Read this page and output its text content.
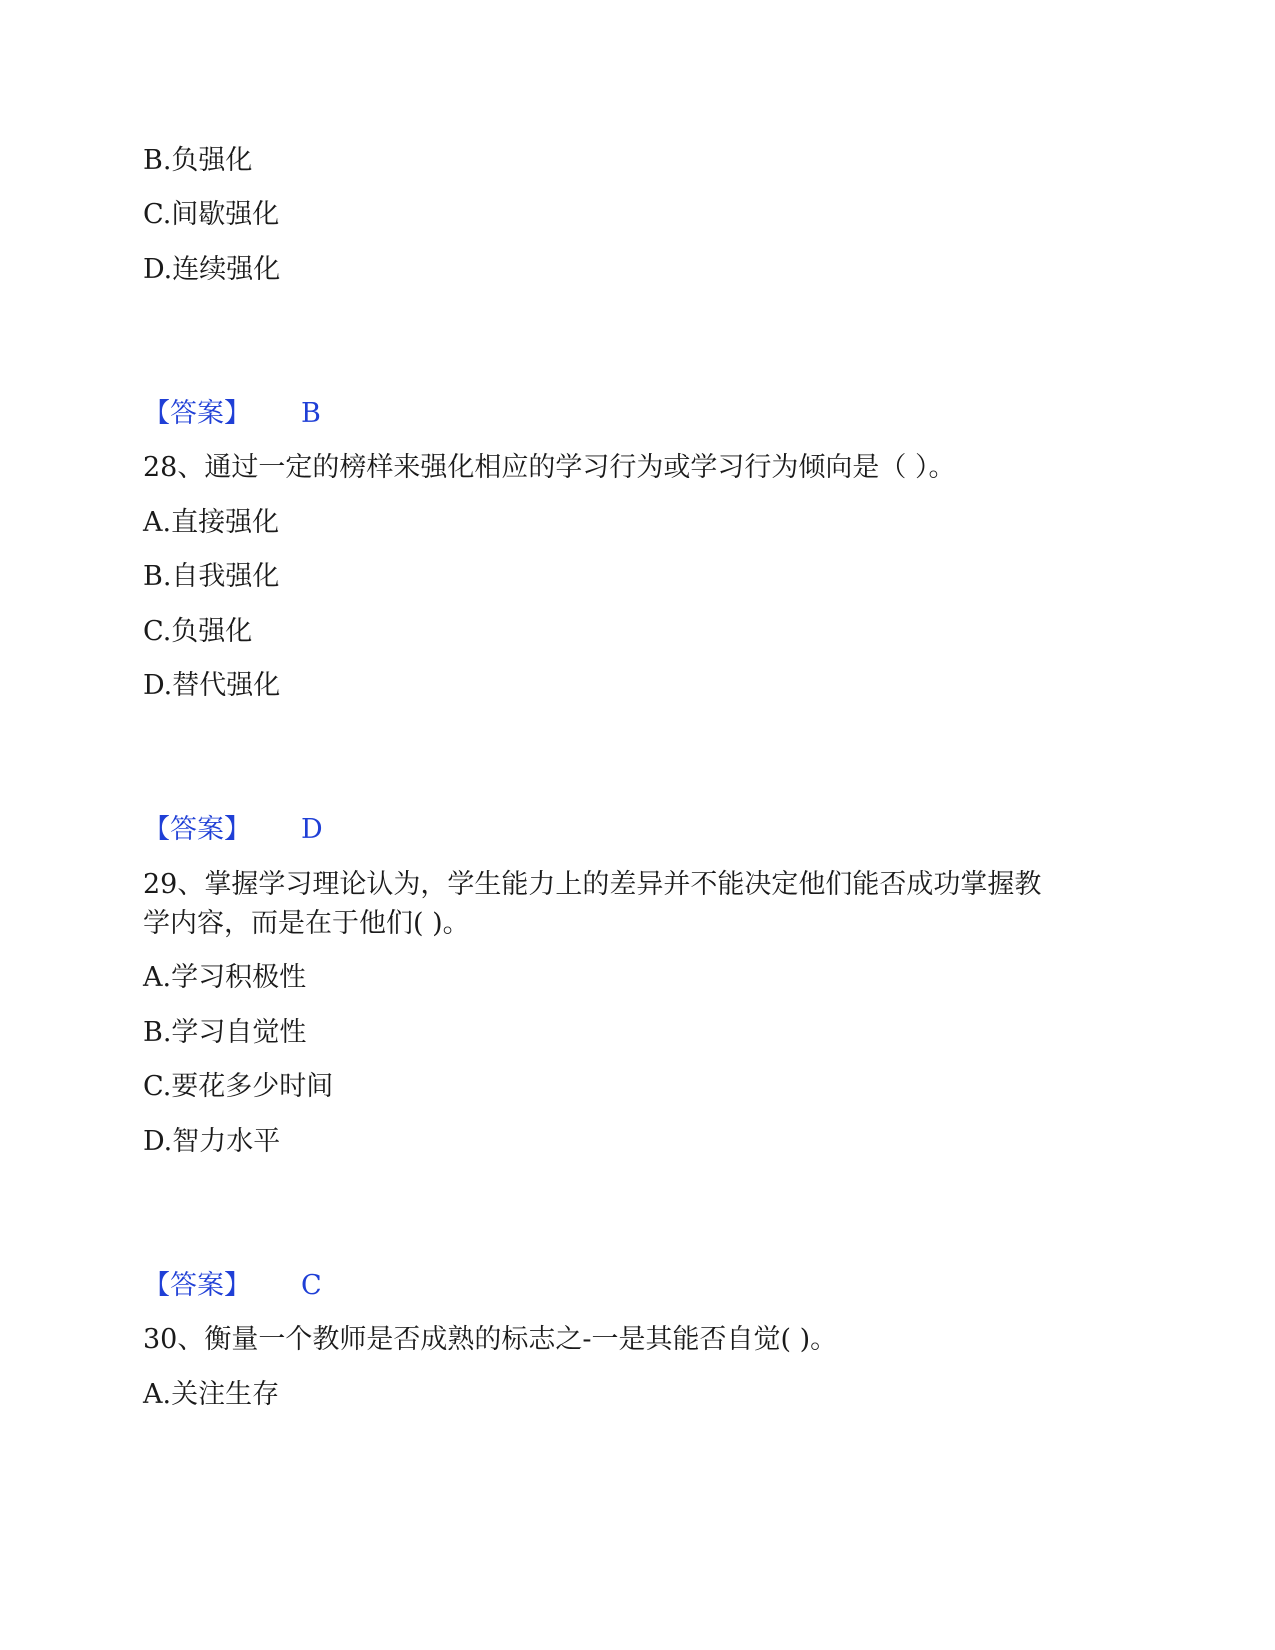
B.负强化
C.间歇强化
D.连续强化
【答案】 B
28、通过一定的榜样来强化相应的学习行为或学习行为倾向是（ ）。
A.直接强化
B.自我强化
C.负强化
D.替代强化
【答案】 D
29、掌握学习理论认为，学生能力上的差异并不能决定他们能否成功掌握教
学内容，而是在于他们( )。
A.学习积极性
B.学习自觉性
C.要花多少时间
D.智力水平
【答案】 C
30、衡量一个教师是否成熟的标志之-一是其能否自觉( )。
A.关注生存
